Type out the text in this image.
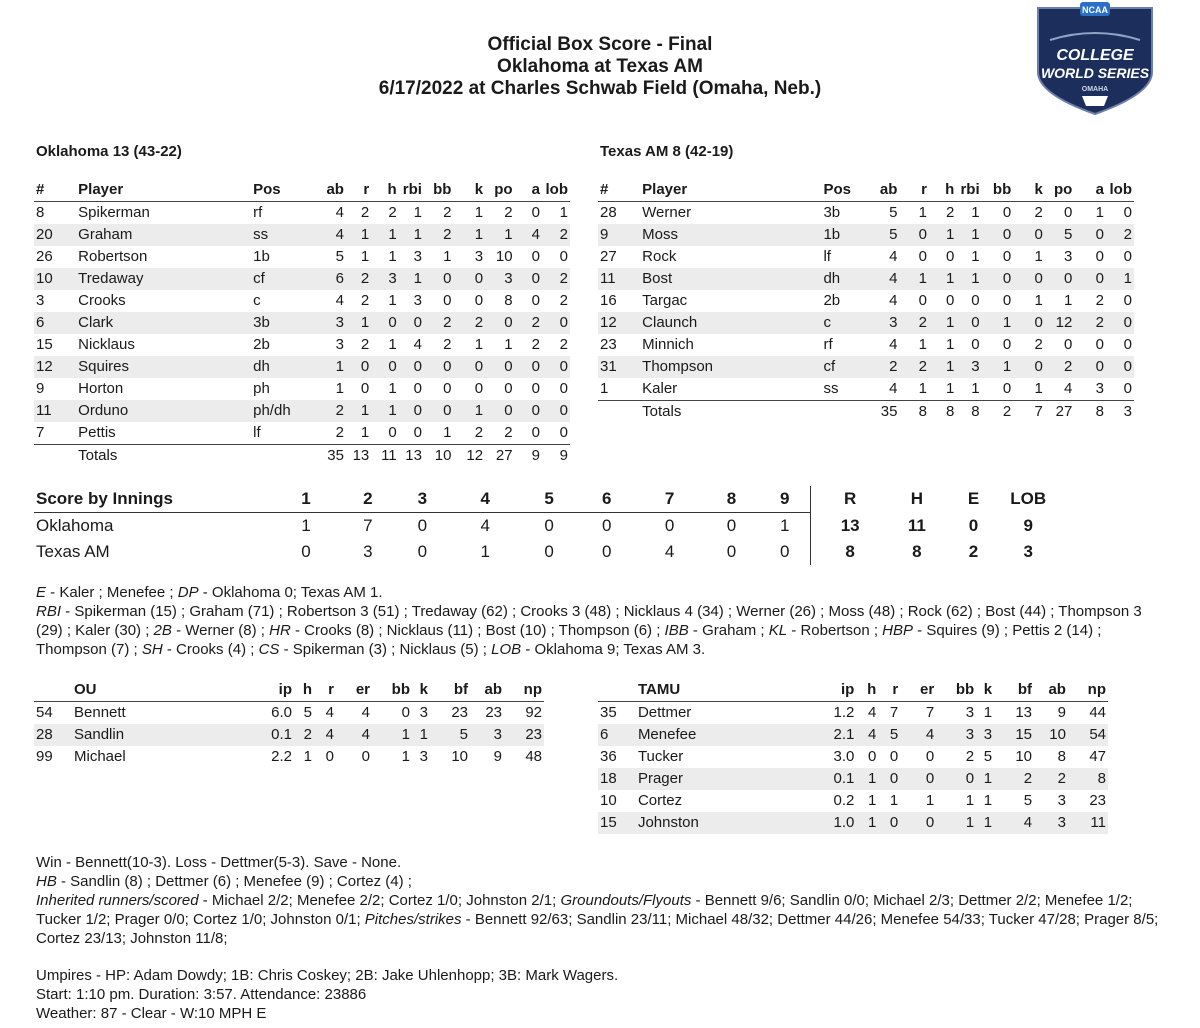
Official Box Score - Final
Oklahoma at Texas AM
6/17/2022 at Charles Schwab Field (Omaha, Neb.)
NCAA
COLLEGE
WORLD SERIES
OMAHA
Oklahoma 13 (43-22)	Texas AM 8 (42-19)
#	Player	Pos	ab	r	h	rbi	bb	k	po	a	lob
8	Spikerman	rf	4	2	2	1	2	1	2	0	1
20	Graham	ss	4	1	1	1	2	1	1	4	2
26	Robertson	1b	5	1	1	3	1	3	10	0	0
10	Tredaway	cf	6	2	3	1	0	0	3	0	2
3	Crooks	c	4	2	1	3	0	0	8	0	2
6	Clark	3b	3	1	0	0	2	2	0	2	0
15	Nicklaus	2b	3	2	1	4	2	1	1	2	2
12	Squires	dh	1	0	0	0	0	0	0	0	0
9	Horton	ph	1	0	1	0	0	0	0	0	0
11	Orduno	ph/dh	2	1	1	0	0	1	0	0	0
7	Pettis	lf	2	1	0	0	1	2	2	0	0
	Totals		35	13	11	13	10	12	27	9	9
#	Player	Pos	ab	r	h	rbi	bb	k	po	a	lob
28	Werner	3b	5	1	2	1	0	2	0	1	0
9	Moss	1b	5	0	1	1	0	0	5	0	2
27	Rock	lf	4	0	0	1	0	1	3	0	0
11	Bost	dh	4	1	1	1	0	0	0	0	1
16	Targac	2b	4	0	0	0	0	1	1	2	0
12	Claunch	c	3	2	1	0	1	0	12	2	0
23	Minnich	rf	4	1	1	0	0	2	0	0	0
31	Thompson	cf	2	2	1	3	1	0	2	0	0
1	Kaler	ss	4	1	1	1	0	1	4	3	0
	Totals		35	8	8	8	2	7	27	8	3
Score by Innings	1	2	3	4	5	6	7	8	9	R	H	E	LOB
Oklahoma	1	7	0	4	0	0	0	0	1	13	11	0	9
Texas AM	0	3	0	1	0	0	4	0	0	8	8	2	3
E - Kaler ; Menefee ; DP - Oklahoma 0; Texas AM 1.
RBI - Spikerman (15) ; Graham (71) ; Robertson 3 (51) ; Tredaway (62) ; Crooks 3 (48) ; Nicklaus 4 (34) ; Werner (26) ; Moss (48) ; Rock (62) ; Bost (44) ; Thompson 3 (29) ; Kaler (30) ; 2B - Werner (8) ; HR - Crooks (8) ; Nicklaus (11) ; Bost (10) ; Thompson (6) ; IBB - Graham ; KL - Robertson ; HBP - Squires (9) ; Pettis 2 (14) ; Thompson (7) ; SH - Crooks (4) ; CS - Spikerman (3) ; Nicklaus (5) ; LOB - Oklahoma 9; Texas AM 3.
	OU	ip	h	r	er	bb	k	bf	ab	np
54	Bennett	6.0	5	4	4	0	3	23	23	92
28	Sandlin	0.1	2	4	4	1	1	5	3	23
99	Michael	2.2	1	0	0	1	3	10	9	48
	TAMU	ip	h	r	er	bb	k	bf	ab	np
35	Dettmer	1.2	4	7	7	3	1	13	9	44
6	Menefee	2.1	4	5	4	3	3	15	10	54
36	Tucker	3.0	0	0	0	2	5	10	8	47
18	Prager	0.1	1	0	0	0	1	2	2	8
10	Cortez	0.2	1	1	1	1	1	5	3	23
15	Johnston	1.0	1	0	0	1	1	4	3	11
Win - Bennett(10-3). Loss - Dettmer(5-3). Save - None.
HB - Sandlin (8) ; Dettmer (6) ; Menefee (9) ; Cortez (4) ;
Inherited runners/scored - Michael 2/2; Menefee 2/2; Cortez 1/0; Johnston 2/1; Groundouts/Flyouts - Bennett 9/6; Sandlin 0/0; Michael 2/3; Dettmer 2/2; Menefee 1/2; Tucker 1/2; Prager 0/0; Cortez 1/0; Johnston 0/1; Pitches/strikes - Bennett 92/63; Sandlin 23/11; Michael 48/32; Dettmer 44/26; Menefee 54/33; Tucker 47/28; Prager 8/5; Cortez 23/13; Johnston 11/8;
Umpires - HP: Adam Dowdy; 1B: Chris Coskey; 2B: Jake Uhlenhopp; 3B: Mark Wagers.
Start: 1:10 pm. Duration: 3:57. Attendance: 23886
Weather: 87 - Clear - W:10 MPH E
